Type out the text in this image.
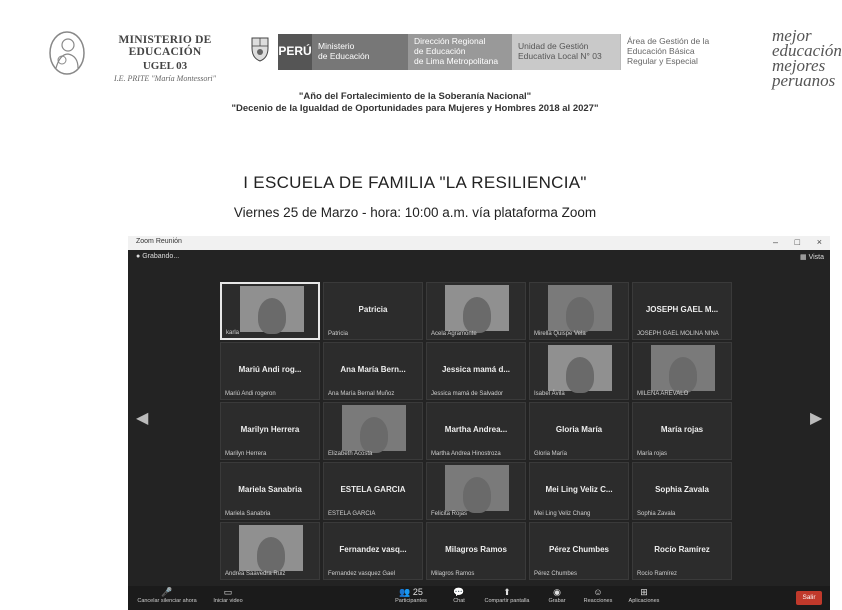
MINISTERIO DE EDUCACIÓN
UGEL 03
I.E. PRITE "María Montessori"
PERÚ Ministerio
de Educación
Dirección Regional
de Educación
de Lima Metropolitana
Unidad de Gestión
Educativa Local N° 03
Área de Gestión de la
Educación Básica
Regular y Especial
mejor
educación
mejores
peruanos
"Año del Fortalecimiento de la Soberanía Nacional"
"Decenio de la Igualdad de Oportunidades para Mujeres y Hombres 2018 al 2027"
I ESCUELA DE FAMILIA "LA RESILIENCIA"
Viernes 25 de Marzo - hora: 10:00 a.m. vía plataforma Zoom
Zoom Reunión	– □ ×
● Grabando...	▦ Vista
karla
Patricia
Patricia	Acela Agramonte	Mirella Quispe Vela
JOSEPH GAEL M...
JOSEPH GAEL MOLINA NINA
Mariú Andi rog...
Mariú Andi rogeron
Ana María Bern...
Ana María Bernal Muñoz
Jessica mamá d...
Jessica mamá de Salvador	Isabel Ávila	MILENA AREVALO
Marilyn Herrera
Marilyn Herrera	Elizabeth Acosta
Martha Andrea...
Martha Andrea Hinostroza
Gloria María
Gloria María
María rojas
María rojas
Mariela Sanabria
Mariela Sanabria
ESTELA GARCIA
ESTELA GARCIA	Felicita Rojas
Mei Ling Veliz C...
Mei Ling Veliz Chang
Sophia Zavala
Sophia Zavala
Andrea Saavedra Ruiz
Fernandez vasq...
Fernandez vasquez Gael
Milagros Ramos
Milagros Ramos
Pérez Chumbes
Pérez Chumbes
Rocío Ramírez
Rocío Ramírez
◀	▶
🎤
Cancelar silenciar ahora
▭
Iniciar video
👥 25
Participantes
💬
Chat
⬆
Compartir pantalla
◉
Grabar
☺
Reacciones
⊞
Aplicaciones	Salir
